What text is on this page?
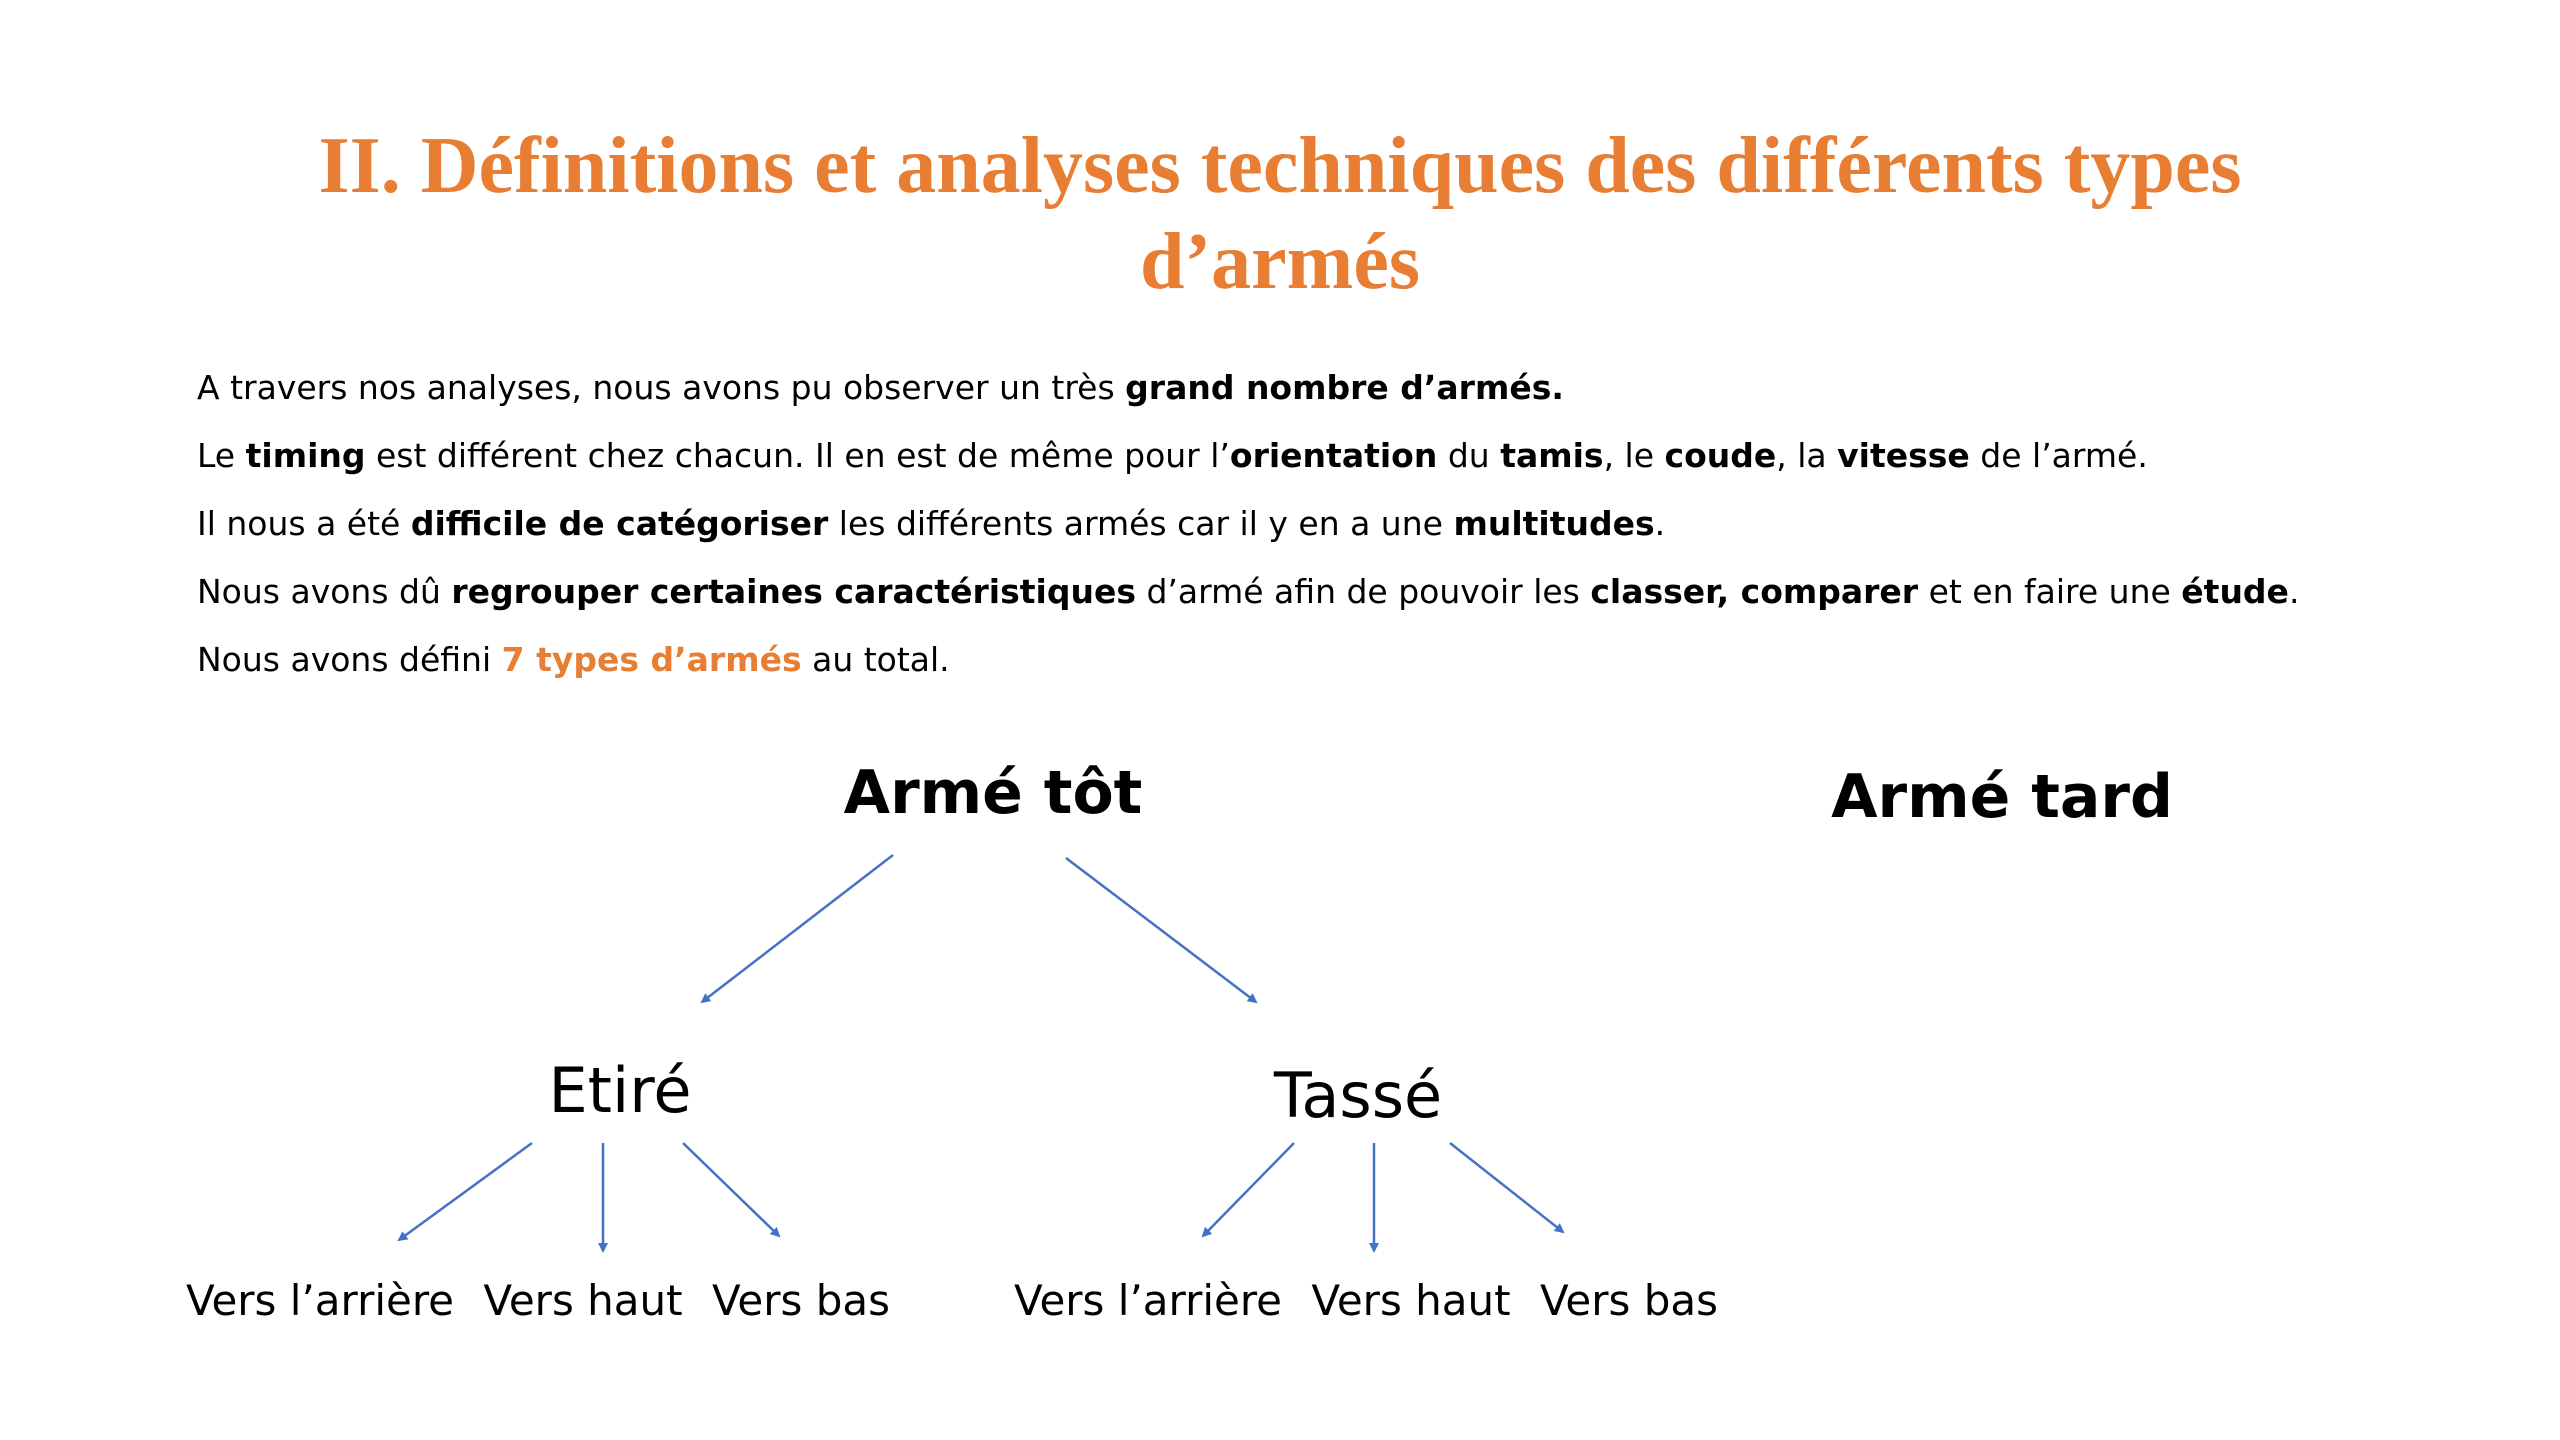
II. Définitions et analyses techniques des différents types
d’armés

A travers nos analyses, nous avons pu observer un très grand nombre d’armés.

Le timing est différent chez chacun. Il en est de même pour l’orientation du tamis, le coude, la vitesse de l’armé.

Il nous a été difficile de catégoriser les différents armés car il y en a une multitudes.

Nous avons dû regrouper certaines caractéristiques d’armé afin de pouvoir les classer, comparer et en faire une étude.

Nous avons défini 7 types d’armés au total.

Armé tôt	Armé tard
Etiré	Tassé
Vers l’arrière Vers haut Vers bas	Vers l’arrière Vers haut Vers bas
